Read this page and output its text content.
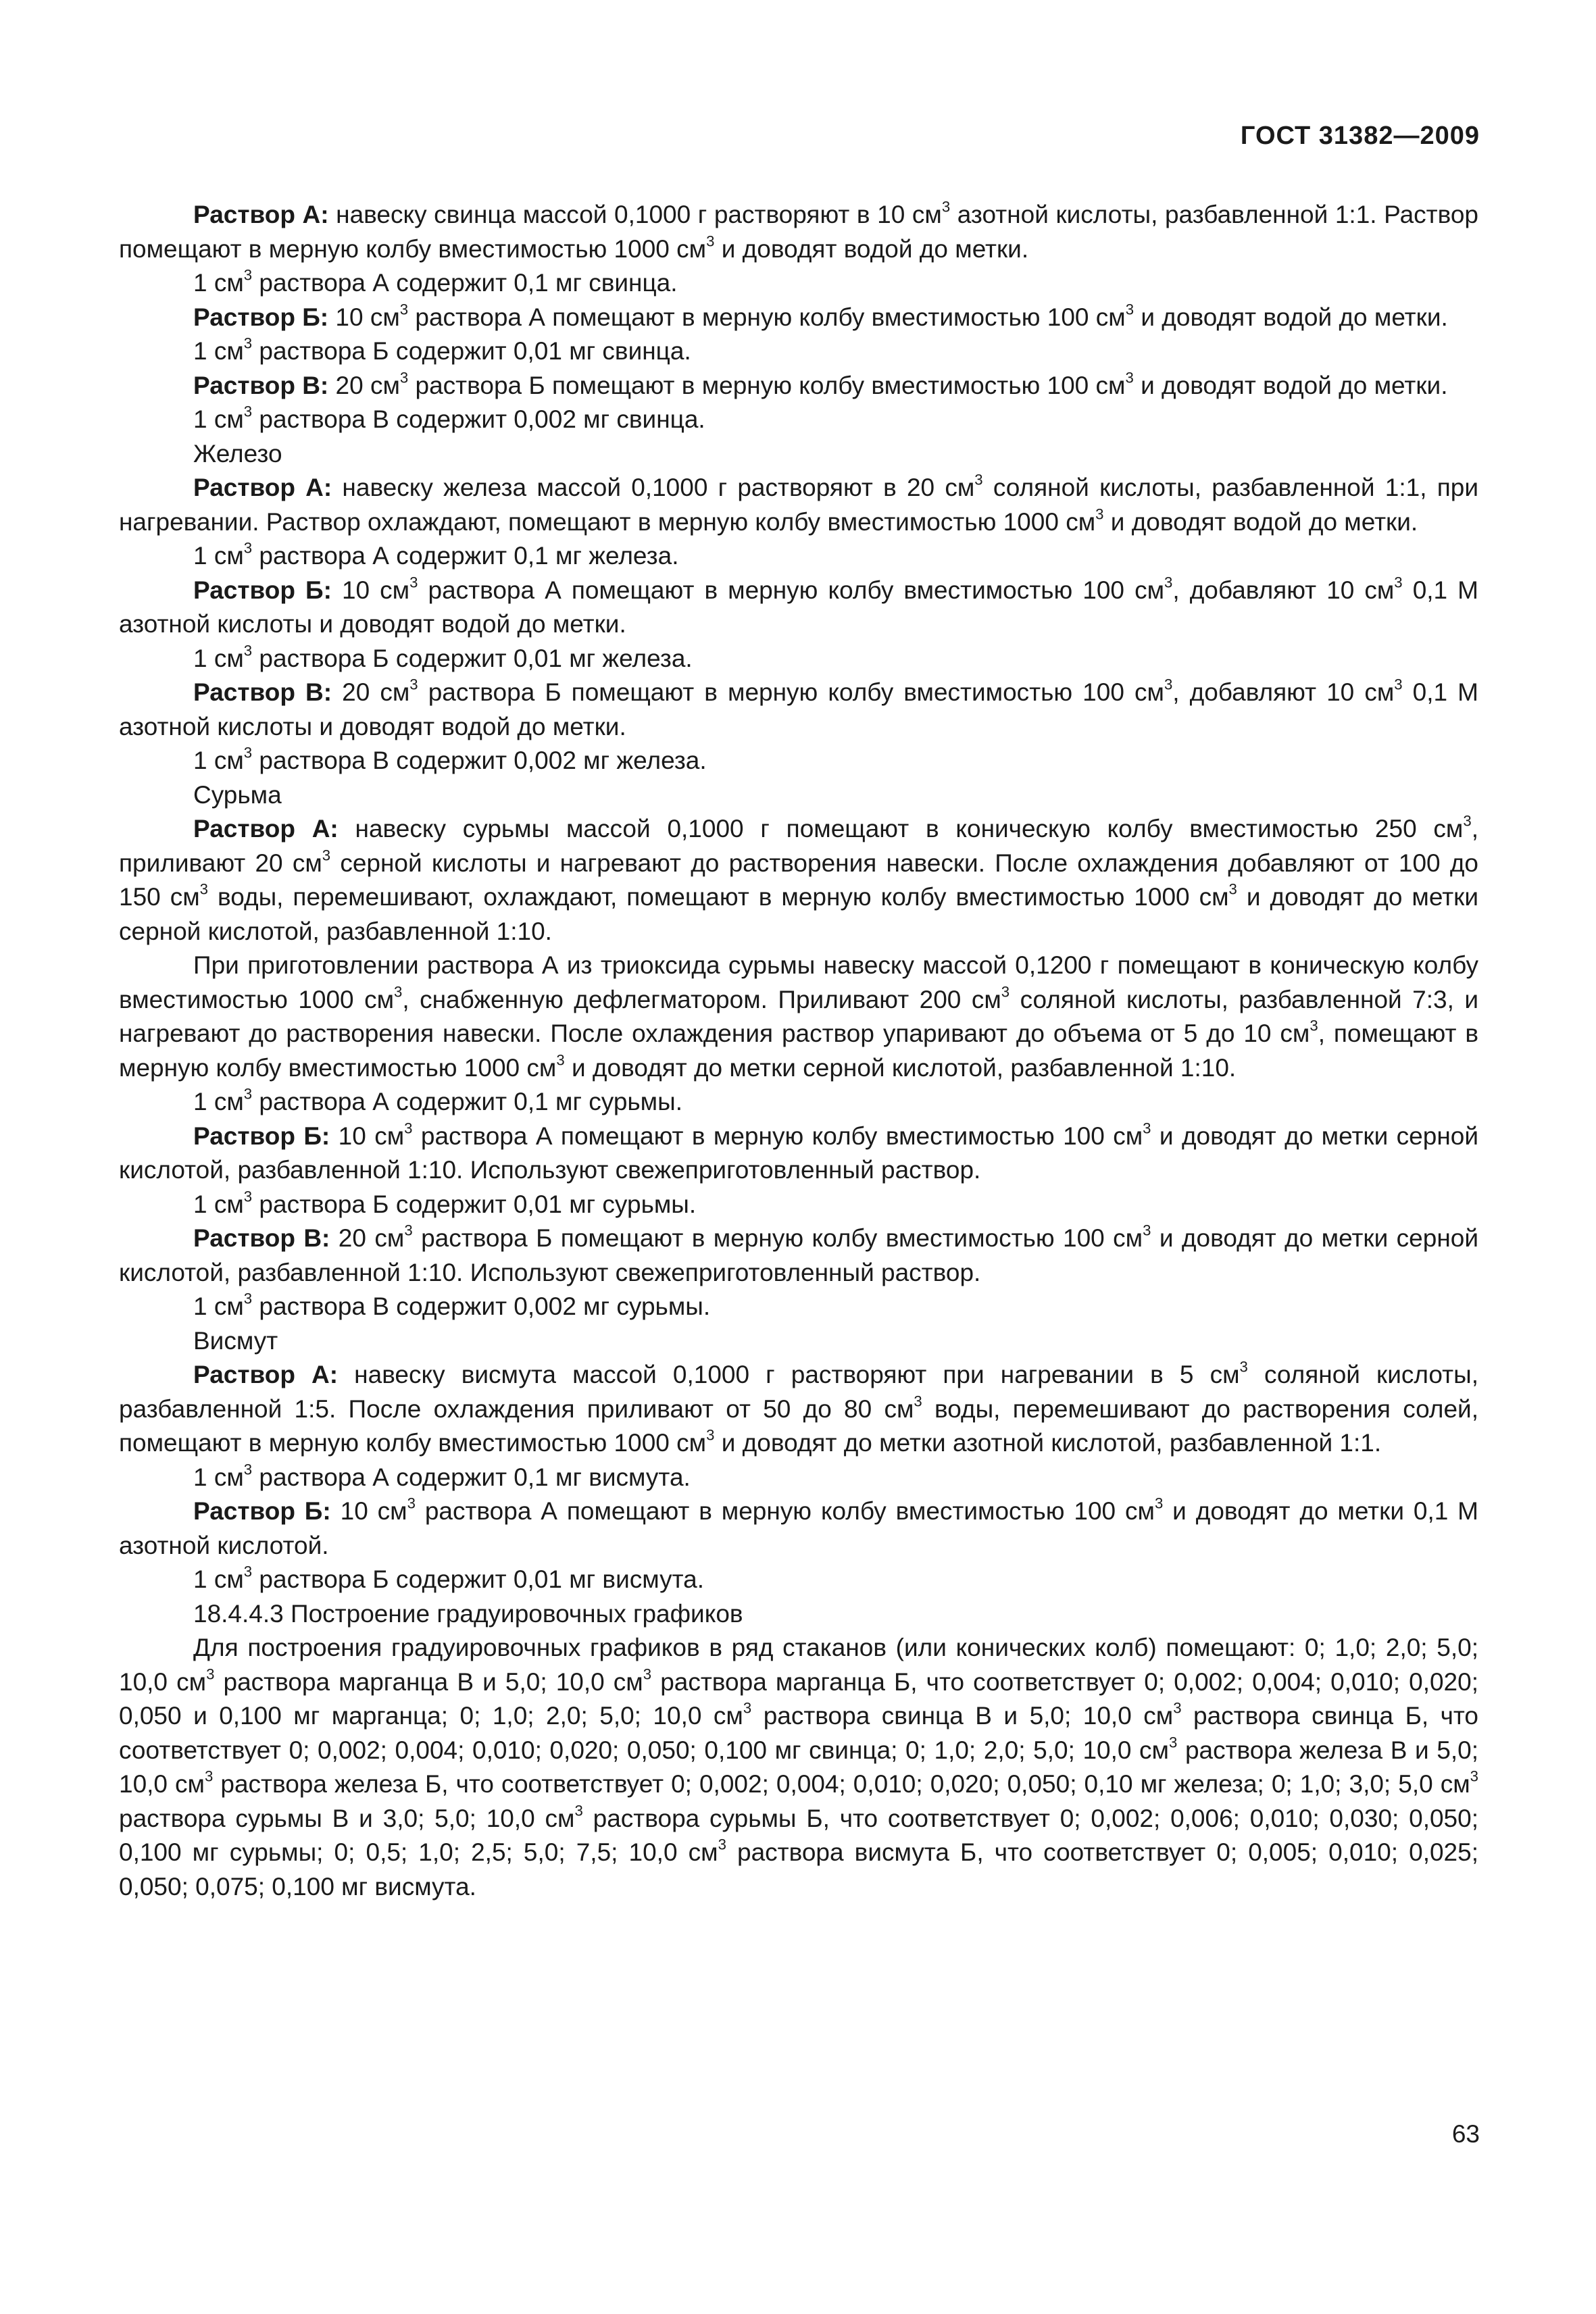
ГОСТ 31382—2009

Раствор А: навеску свинца массой 0,1000 г растворяют в 10 $см^3$ азотной кислоты, разбавленной 1:1. Раствор помещают в мерную колбу вместимостью 1000 $см^3$ и доводят водой до метки.

1 $см^3$ раствора А содержит 0,1 мг свинца.

Раствор Б: 10 $см^3$ раствора А помещают в мерную колбу вместимостью 100 $см^3$ и доводят водой до метки.

1 $см^3$ раствора Б содержит 0,01 мг свинца.

Раствор В: 20 $см^3$ раствора Б помещают в мерную колбу вместимостью 100 $см^3$ и доводят водой до метки.

1 $см^3$ раствора В содержит 0,002 мг свинца.

Железо

Раствор А: навеску железа массой 0,1000 г растворяют в 20 $см^3$ соляной кислоты, разбавленной 1:1, при нагревании. Раствор охлаждают, помещают в мерную колбу вместимостью 1000 $см^3$ и доводят водой до метки.

1 $см^3$ раствора А содержит 0,1 мг железа.

Раствор Б: 10 $см^3$ раствора А помещают в мерную колбу вместимостью 100 $см^3$, добавляют 10 $см^3$ 0,1 М азотной кислоты и доводят водой до метки.

1 $см^3$ раствора Б содержит 0,01 мг железа.

Раствор В: 20 $см^3$ раствора Б помещают в мерную колбу вместимостью 100 $см^3$, добавляют 10 $см^3$ 0,1 М азотной кислоты и доводят водой до метки.

1 $см^3$ раствора В содержит 0,002 мг железа.

Сурьма

Раствор А: навеску сурьмы массой 0,1000 г помещают в коническую колбу вместимостью 250 $см^3$, приливают 20 $см^3$ серной кислоты и нагревают до растворения навески. После охлаждения добавляют от 100 до 150 $см^3$ воды, перемешивают, охлаждают, помещают в мерную колбу вместимостью 1000 $см^3$ и доводят до метки серной кислотой, разбавленной 1:10.

При приготовлении раствора А из триоксида сурьмы навеску массой 0,1200 г помещают в коническую колбу вместимостью 1000 $см^3$, снабженную дефлегматором. Приливают 200 $см^3$ соляной кислоты, разбавленной 7:3, и нагревают до растворения навески. После охлаждения раствор упаривают до объема от 5 до 10 $см^3$, помещают в мерную колбу вместимостью 1000 $см^3$ и доводят до метки серной кислотой, разбавленной 1:10.

1 $см^3$ раствора А содержит 0,1 мг сурьмы.

Раствор Б: 10 $см^3$ раствора А помещают в мерную колбу вместимостью 100 $см^3$ и доводят до метки серной кислотой, разбавленной 1:10. Используют свежеприготовленный раствор.

1 $см^3$ раствора Б содержит 0,01 мг сурьмы.

Раствор В: 20 $см^3$ раствора Б помещают в мерную колбу вместимостью 100 $см^3$ и доводят до метки серной кислотой, разбавленной 1:10. Используют свежеприготовленный раствор.

1 $см^3$ раствора В содержит 0,002 мг сурьмы.

Висмут

Раствор А: навеску висмута массой 0,1000 г растворяют при нагревании в 5 $см^3$ соляной кислоты, разбавленной 1:5. После охлаждения приливают от 50 до 80 $см^3$ воды, перемешивают до растворения солей, помещают в мерную колбу вместимостью 1000 $см^3$ и доводят до метки азотной кислотой, разбавленной 1:1.

1 $см^3$ раствора А содержит 0,1 мг висмута.

Раствор Б: 10 $см^3$ раствора А помещают в мерную колбу вместимостью 100 $см^3$ и доводят до метки 0,1 М азотной кислотой.

1 $см^3$ раствора Б содержит 0,01 мг висмута.

18.4.4.3 Построение градуировочных графиков

Для построения градуировочных графиков в ряд стаканов (или конических колб) помещают: 0; 1,0; 2,0; 5,0; 10,0 $см^3$ раствора марганца В и 5,0; 10,0 $см^3$ раствора марганца Б, что соответствует 0; 0,002; 0,004; 0,010; 0,020; 0,050 и 0,100 мг марганца; 0; 1,0; 2,0; 5,0; 10,0 $см^3$ раствора свинца В и 5,0; 10,0 $см^3$ раствора свинца Б, что соответствует 0; 0,002; 0,004; 0,010; 0,020; 0,050; 0,100 мг свинца; 0; 1,0; 2,0; 5,0; 10,0 $см^3$ раствора железа В и 5,0; 10,0 $см^3$ раствора железа Б, что соответствует 0; 0,002; 0,004; 0,010; 0,020; 0,050; 0,10 мг железа; 0; 1,0; 3,0; 5,0 $см^3$ раствора сурьмы В и 3,0; 5,0; 10,0 $см^3$ раствора сурьмы Б, что соответствует 0; 0,002; 0,006; 0,010; 0,030; 0,050; 0,100 мг сурьмы; 0; 0,5; 1,0; 2,5; 5,0; 7,5; 10,0 $см^3$ раствора висмута Б, что соответствует 0; 0,005; 0,010; 0,025; 0,050; 0,075; 0,100 мг висмута.

63
